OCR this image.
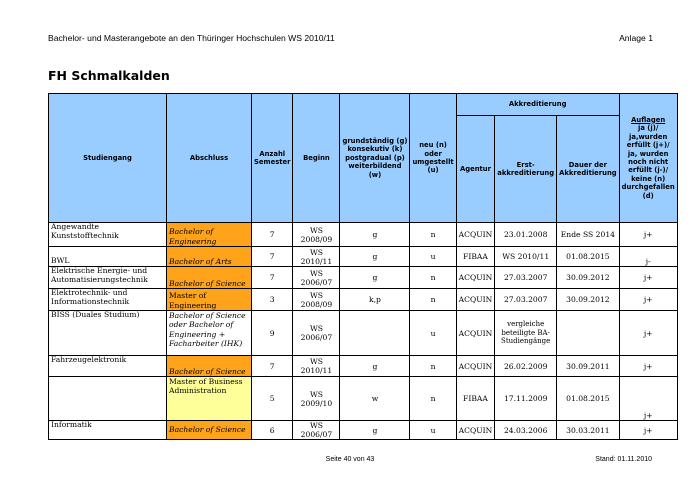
Bachelor- und Masterangebote an den Thüringer Hochschulen WS 2010/11	Anlage 1
FH Schmalkalden
Studiengang	Abschluss	Anzahl Semester	Beginn	grundständig (g) konsekutiv (k) postgradual (p) weiterbildend (w)	neu (n) oder umgestellt (u)	Akkreditierung			Auflagen
ja (j)/ ja,wurden erfüllt (j+)/ ja, wurden noch nicht erfüllt (j-)/ keine (n) durchgefallen (d)
						Agentur	Erst-akkreditierung	Dauer der Akkreditierung	
Angewandte Kunststofftechnik	Bachelor of Engineering	7	WS 2008/09	g	n	ACQUIN	23.01.2008	Ende SS 2014	j+
BWL	Bachelor of Arts	7	WS 2010/11	g	u	FIBAA	WS 2010/11	01.08.2015	j-
Elektrische Energie- und Automatisierungstechnik	Bachelor of Science	7	WS 2006/07	g	n	ACQUIN	27.03.2007	30.09.2012	j+
Elektrotechnik- und Informationstechnik	Master of Engineering	3	WS 2008/09	k,p	n	ACQUIN	27.03.2007	30.09.2012	j+
BISS (Duales Studium)	Bachelor of Science oder Bachelor of Engineering + Facharbeiter (IHK)	9	WS 2006/07		u	ACQUIN	vergleiche beteiligte BA-Studiengänge		j+
Fahrzeugelektronik	Bachelor of Science	7	WS 2010/11	g	n	ACQUIN	26.02.2009	30.09.2011	j+
	Master of Business Administration	5	WS 2009/10	w	n	FIBAA	17.11.2009	01.08.2015	j+
Informatik	Bachelor of Science	6	WS 2006/07	g	u	ACQUIN	24.03.2006	30.03.2011	j+
Seite 40 von 43	Stand: 01.11.2010
